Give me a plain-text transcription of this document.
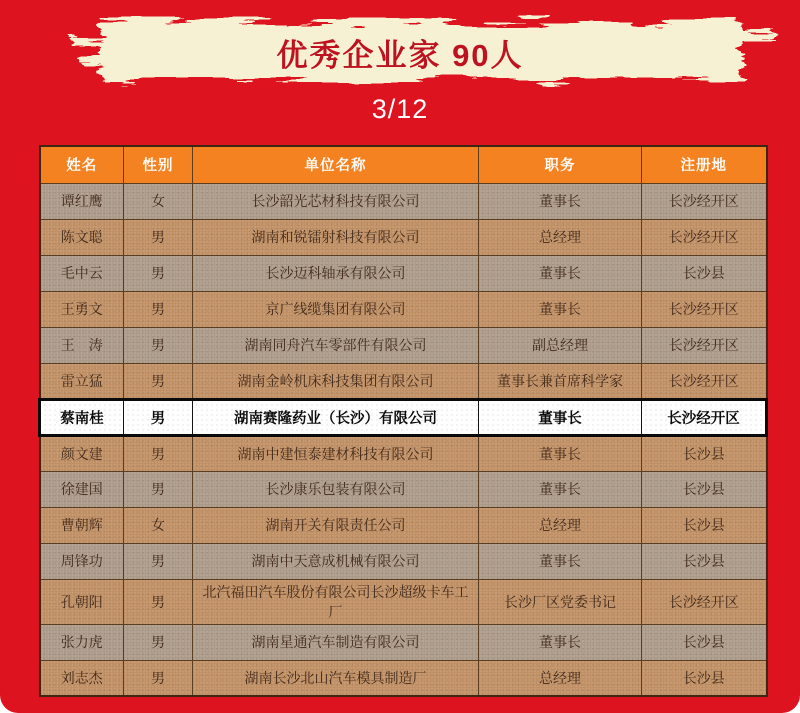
优秀企业家 90人
3/12
姓名	性别	单位名称	职务	注册地
谭红鹰	女	长沙韶光芯材科技有限公司	董事长	长沙经开区
陈文聪	男	湖南和锐镭射科技有限公司	总经理	长沙经开区
毛中云	男	长沙迈科轴承有限公司	董事长	长沙县
王勇文	男	京广线缆集团有限公司	董事长	长沙经开区
王　涛	男	湖南同舟汽车零部件有限公司	副总经理	长沙经开区
雷立猛	男	湖南金岭机床科技集团有限公司	董事长兼首席科学家	长沙经开区
蔡南桂	男	湖南赛隆药业（长沙）有限公司	董事长	长沙经开区
颜文建	男	湖南中建恒泰建材科技有限公司	董事长	长沙县
徐建国	男	长沙康乐包装有限公司	董事长	长沙县
曹朝辉	女	湖南开关有限责任公司	总经理	长沙县
周锋功	男	湖南中天意成机械有限公司	董事长	长沙县
孔朝阳	男	北汽福田汽车股份有限公司长沙超级卡车工厂	长沙厂区党委书记	长沙经开区
张力虎	男	湖南星通汽车制造有限公司	董事长	长沙县
刘志杰	男	湖南长沙北山汽车模具制造厂	总经理	长沙县
